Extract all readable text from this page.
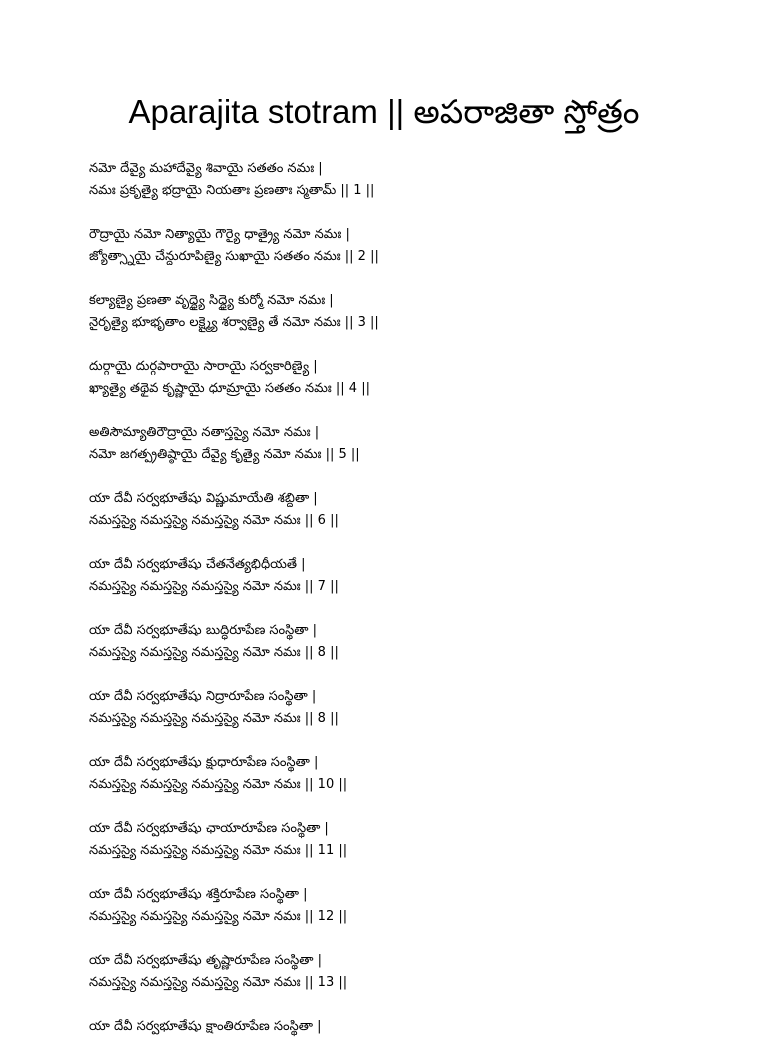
Aparajita stotram || అపరాజితా స్తోత్రం
నమో దేవ్యై మహాదేవ్యై శివాయై సతతం నమః |
నమః ప్రకృత్యై భద్రాయై నియతాః ప్రణతాః స్మతామ్ || 1 ||
రౌద్రాయై నమో నిత్యాయై గౌర్యై ధాత్ర్యై నమో నమః |
జ్యోత్స్నాయై చేన్దురూపిణ్యై సుఖాయై సతతం నమః || 2 ||
కల్యాణ్యై ప్రణతా వృద్ధ్యై సిద్ధ్యై కుర్మో నమో నమః |
నైరృత్యై భూభృతాం లక్ష్మ్యై శర్వాణ్యై తే నమో నమః || 3 ||
దుర్గాయై దుర్గపారాయై సారాయై సర్వకారిణ్యై |
ఖ్యాత్యై తథైవ కృష్ణాయై ధూమ్రాయై సతతం నమః || 4 ||
అతిసౌమ్యాతిరౌద్రాయై నతాస్తస్యై నమో నమః |
నమో జగత్ప్రతిష్ఠాయై దేవ్యై కృత్యై నమో నమః || 5 ||
యా దేవీ సర్వభూతేషు విష్ణుమాయేతి శబ్దితా |
నమస్తస్యై నమస్తస్యై నమస్తస్యై నమో నమః || 6 ||
యా దేవీ సర్వభూతేషు చేతనేత్యభిధీయతే |
నమస్తస్యై నమస్తస్యై నమస్తస్యై నమో నమః || 7 ||
యా దేవీ సర్వభూతేషు బుద్ధిరూపేణ సంస్థితా |
నమస్తస్యై నమస్తస్యై నమస్తస్యై నమో నమః || 8 ||
యా దేవీ సర్వభూతేషు నిద్రారూపేణ సంస్థితా |
నమస్తస్యై నమస్తస్యై నమస్తస్యై నమో నమః || 8 ||
యా దేవీ సర్వభూతేషు క్షుధారూపేణ సంస్థితా |
నమస్తస్యై నమస్తస్యై నమస్తస్యై నమో నమః || 10 ||
యా దేవీ సర్వభూతేషు ఛాయారూపేణ సంస్థితా |
నమస్తస్యై నమస్తస్యై నమస్తస్యై నమో నమః || 11 ||
యా దేవీ సర్వభూతేషు శక్తిరూపేణ సంస్థితా |
నమస్తస్యై నమస్తస్యై నమస్తస్యై నమో నమః || 12 ||
యా దేవీ సర్వభూతేషు తృష్ణారూపేణ సంస్థితా |
నమస్తస్యై నమస్తస్యై నమస్తస్యై నమో నమః || 13 ||
యా దేవీ సర్వభూతేషు క్షాంతిరూపేణ సంస్థితా |
